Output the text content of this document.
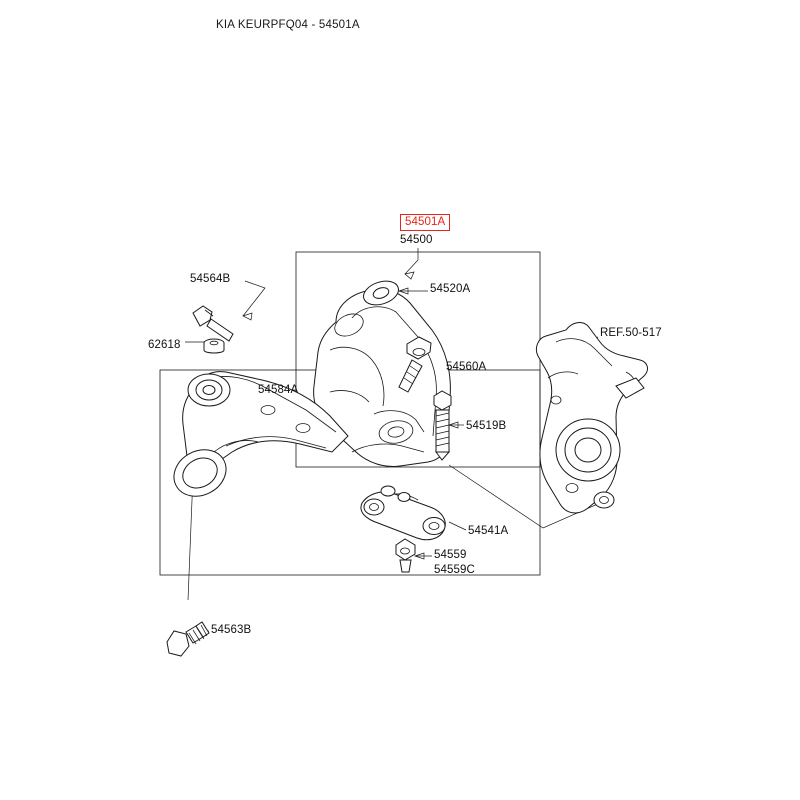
KIA KEURPFQ04 - 54501A
54501A
54500
54520A
54564B
62618
54584A
54560A
54519B
54541A
54559
54559C
54563B
REF.50-517
